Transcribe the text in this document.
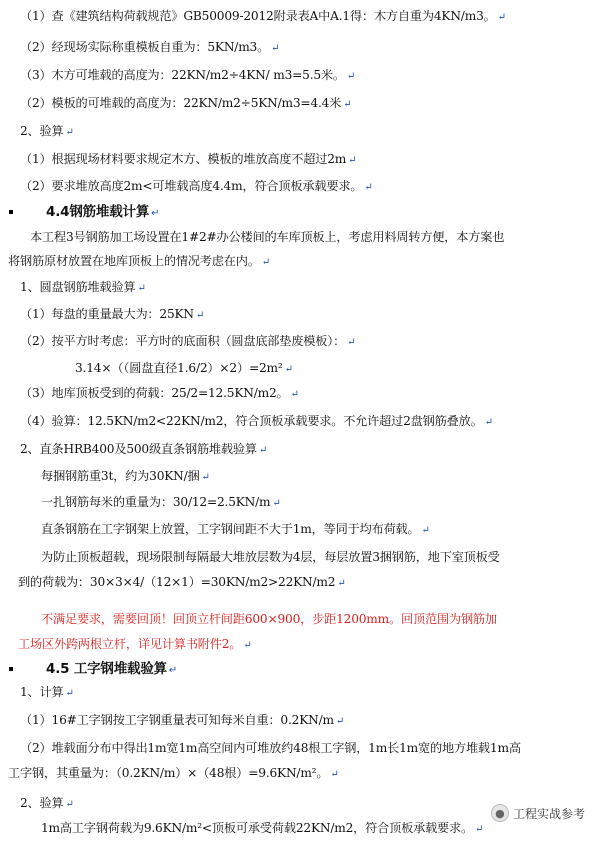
（1）查《建筑结构荷载规范》GB50009-2012附录表A中A.1得：木方自重为4KN/m3。 ↵
（2）经现场实际称重模板自重为：5KN/m3。 ↵
（3）木方可堆载的高度为：22KN/m2÷4KN/ m3=5.5米。 ↵
（2）模板的可堆载的高度为：22KN/m2÷5KN/m3=4.4米 ↵
2、验算 ↵
（1）根据现场材料要求规定木方、模板的堆放高度不超过2m ↵
（2）要求堆放高度2m<可堆载高度4.4m，符合顶板承载要求。 ↵
4.4钢筋堆载计算 ↵
本工程3号钢筋加工场设置在1#2#办公楼间的车库顶板上，考虑用料周转方便，本方案也
将钢筋原材放置在地库顶板上的情况考虑在内。 ↵
1、圆盘钢筋堆载验算 ↵
（1）每盘的重量最大为：25KN ↵
（2）按平方时考虑：平方时的底面积（圆盘底部垫废模板）： ↵
3.14×（（圆盘直径1.6/2）×2）=2m² ↵
（3）地库顶板受到的荷载：25/2=12.5KN/m2。 ↵
（4）验算：12.5KN/m2<22KN/m2，符合顶板承载要求。不允许超过2盘钢筋叠放。 ↵
2、直条HRB400及500级直条钢筋堆载验算 ↵
每捆钢筋重3t，约为30KN/捆 ↵
一扎钢筋每米的重量为：30/12=2.5KN/m ↵
直条钢筋在工字钢架上放置，工字钢间距不大于1m，等同于均布荷载。 ↵
为防止顶板超载，现场限制每隔最大堆放层数为4层，每层放置3捆钢筋，地下室顶板受
到的荷载为：30×3×4/（12×1）=30KN/m2>22KN/m2 ↵
不满足要求，需要回顶！回顶立杆间距600×900，步距1200mm。回顶范围为钢筋加
工场区外跨两根立杆，详见计算书附件2。 ↵
4.5 工字钢堆载验算 ↵
1、计算 ↵
（1）16#工字钢按工字钢重量表可知每米自重：0.2KN/m ↵
（2）堆载面分布中得出1m宽1m高空间内可堆放约48根工字钢，1m长1m宽的地方堆载1m高
工字钢，其重量为：（0.2KN/m）×（48根）=9.6KN/m²。 ↵
2、验算 ↵
1m高工字钢荷载为9.6KN/m²<顶板可承受荷载22KN/m2，符合顶板承载要求。 ↵
● 工程实战参考
